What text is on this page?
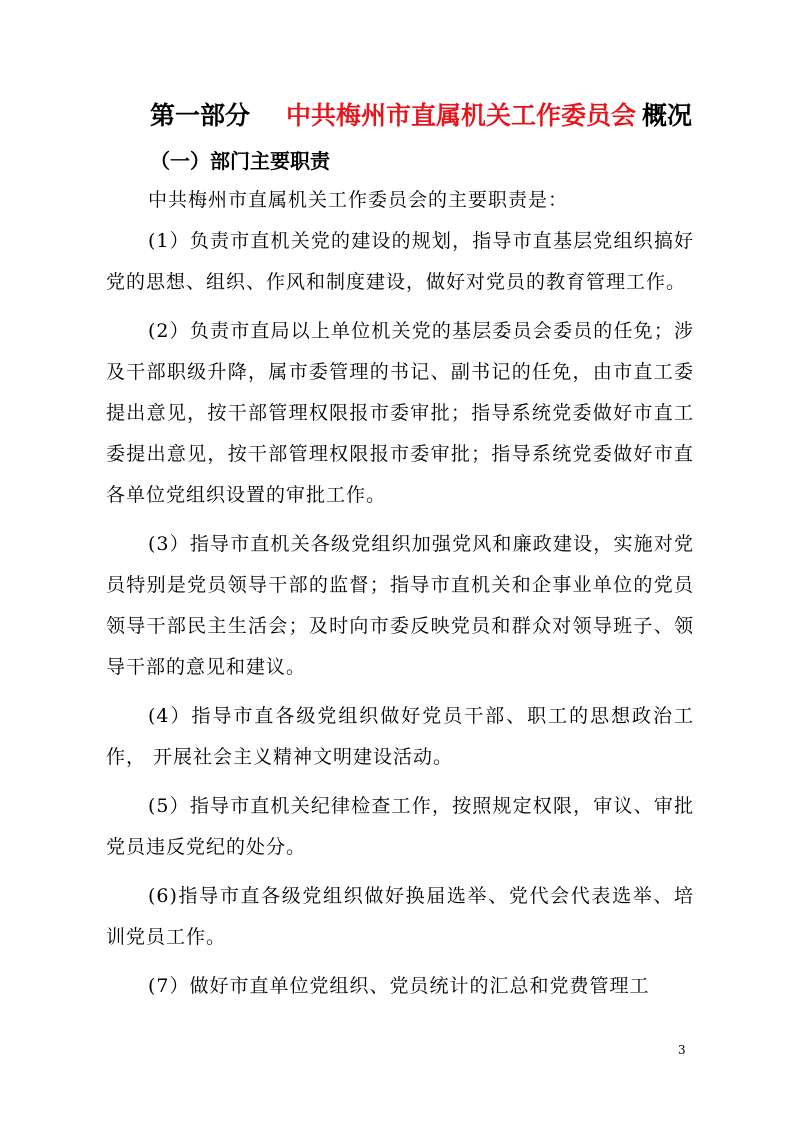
第一部分 中共梅州市直属机关工作委员会 概况
（一）部门主要职责

中共梅州市直属机关工作委员会的主要职责是：

(1）负责市直机关党的建设的规划，指导市直基层党组织搞好党的思想、组织、作风和制度建设，做好对党员的教育管理工作。

(2）负责市直局以上单位机关党的基层委员会委员的任免；涉及干部职级升降，属市委管理的书记、副书记的任免，由市直工委提出意见，按干部管理权限报市委审批；指导系统党委做好市直工委提出意见，按干部管理权限报市委审批；指导系统党委做好市直各单位党组织设置的审批工作。

(3）指导市直机关各级党组织加强党风和廉政建设，实施对党员特别是党员领导干部的监督；指导市直机关和企事业单位的党员领导干部民主生活会；及时向市委反映党员和群众对领导班子、领导干部的意见和建议。

(4）指导市直各级党组织做好党员干部、职工的思想政治工作， 开展社会主义精神文明建设活动。

(5）指导市直机关纪律检查工作，按照规定权限，审议、审批党员违反党纪的处分。

(6)指导市直各级党组织做好换届选举、党代会代表选举、培训党员工作。

(7）做好市直单位党组织、党员统计的汇总和党费管理工

3
